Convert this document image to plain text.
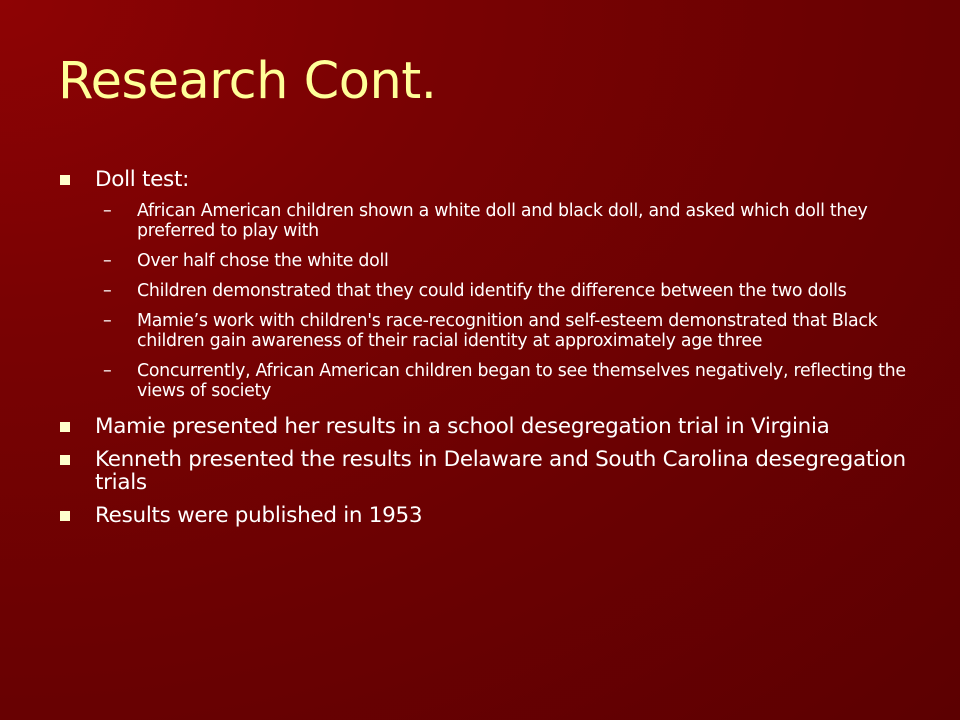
Research Cont.
Doll test:
– African American children shown a white doll and black doll, and asked which doll they preferred to play with
– Over half chose the white doll
– Children demonstrated that they could identify the difference between the two dolls
– Mamie’s work with children's race-recognition and self-esteem demonstrated that Black children gain awareness of their racial identity at approximately age three
– Concurrently, African American children began to see themselves negatively, reflecting the views of society
Mamie presented her results in a school desegregation trial in Virginia
Kenneth presented the results in Delaware and South Carolina desegregation trials
Results were published in 1953
